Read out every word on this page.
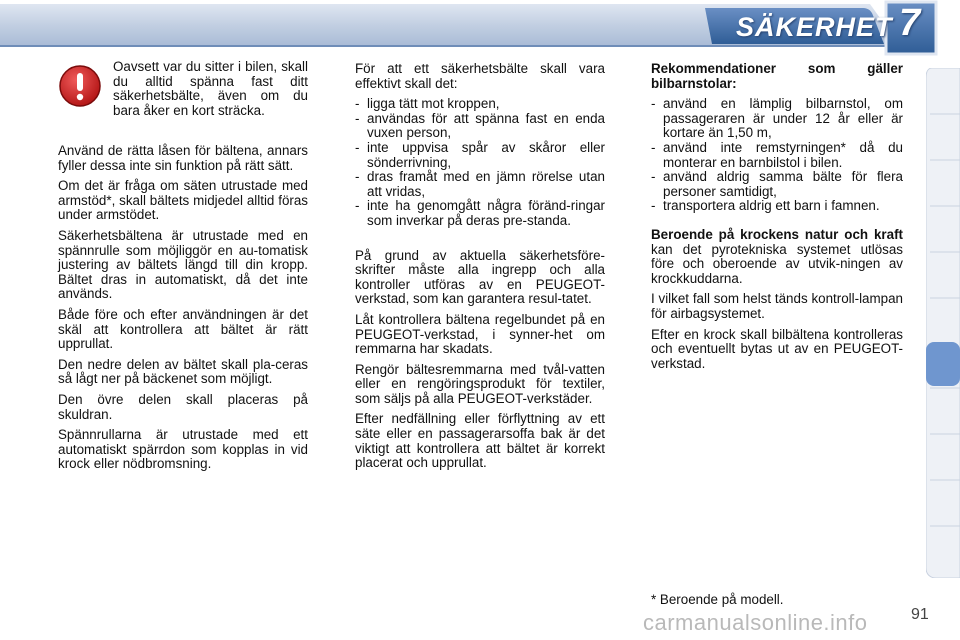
SÄKERHET 7

Oavsett var du sitter i bilen, skall du alltid spänna fast ditt säkerhetsbälte, även om du bara åker en kort sträcka.

Använd de rätta låsen för bältena, annars fyller dessa inte sin funktion på rätt sätt.

Om det är fråga om säten utrustade med armstöd*, skall bältets midjedel alltid föras under armstödet.

Säkerhetsbältena är utrustade med en spännrulle som möjliggör en au-tomatisk justering av bältets längd till din kropp. Bältet dras in automatiskt, då det inte används.

Både före och efter användningen är det skäl att kontrollera att bältet är rätt upprullat.

Den nedre delen av bältet skall pla-ceras så lågt ner på bäckenet som möjligt.

Den övre delen skall placeras på skuldran.

Spännrullarna är utrustade med ett automatiskt spärrdon som kopplas in vid krock eller nödbromsning.

För att ett säkerhetsbälte skall vara effektivt skall det:

- ligga tätt mot kroppen,
- användas för att spänna fast en enda vuxen person,
- inte uppvisa spår av skåror eller sönderrivning,
- dras framåt med en jämn rörelse utan att vridas,
- inte ha genomgått några föränd-ringar som inverkar på deras pre-standa.

På grund av aktuella säkerhetsföre-skrifter måste alla ingrepp och alla kontroller utföras av en PEUGEOT-verkstad, som kan garantera resul-tatet.

Låt kontrollera bältena regelbundet på en PEUGEOT-verkstad, i synner-het om remmarna har skadats.

Rengör bältesremmarna med tvål-vatten eller en rengöringsprodukt för textiler, som säljs på alla PEUGEOT-verkstäder.

Efter nedfällning eller förflyttning av ett säte eller en passagerarsoffa bak är det viktigt att kontrollera att bältet är korrekt placerat och upprullat.

Rekommendationer som gäller bilbarnstolar:

- använd en lämplig bilbarnstol, om passageraren är under 12 år eller är kortare än 1,50 m,
- använd inte remstyrningen* då du monterar en barnbilstol i bilen.
- använd aldrig samma bälte för flera personer samtidigt,
- transportera aldrig ett barn i famnen.

Beroende på krockens natur och kraft kan det pyrotekniska systemet utlösas före och oberoende av utvik-ningen av krockkuddarna.

I vilket fall som helst tänds kontroll-lampan för airbagsystemet.

Efter en krock skall bilbältena kontrolleras och eventuellt bytas ut av en PEUGEOT-verkstad.

* Beroende på modell.
carmanualsonline.info	91
